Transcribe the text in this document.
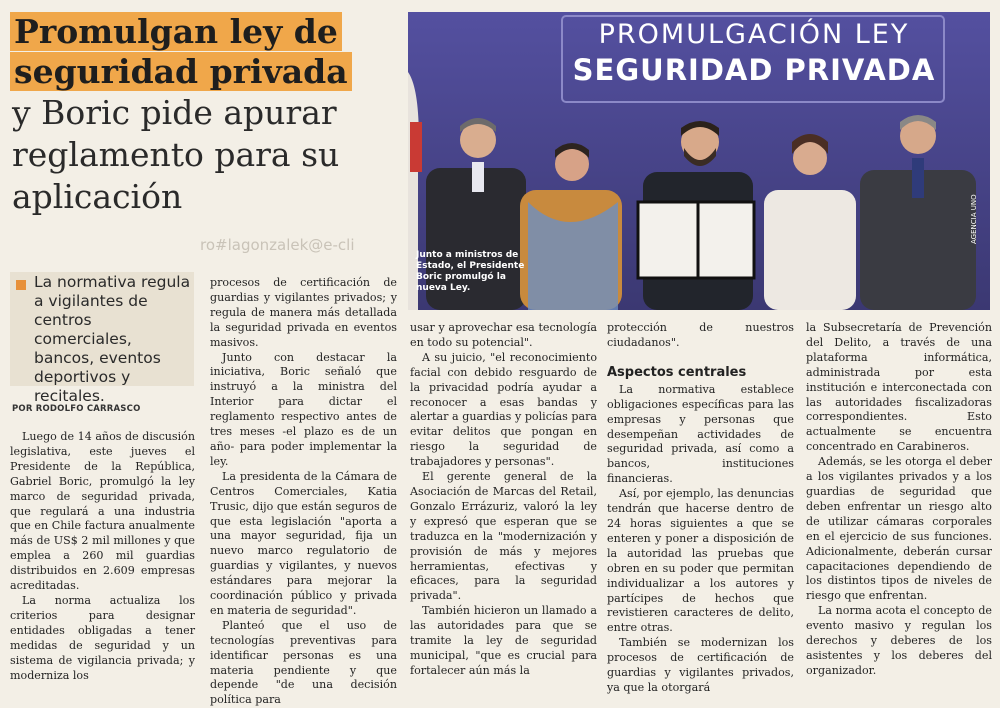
Promulgan ley de
seguridad privada
y Boric pide apurar
reglamento para su
aplicación
ro#lagonzalek@e-cli
PROMULGACIÓN LEY
SEGURIDAD PRIVADA
Junto a ministros de Estado, el Presidente Boric promulgó la nueva Ley.
AGENCIA UNO
La normativa regula a vigilantes de centros comerciales, bancos, eventos deportivos y recitales.
POR RODOLFO CARRASCO

Luego de 14 años de discusión legislativa, este jueves el Presidente de la República, Gabriel Boric, promulgó la ley marco de seguridad privada, que regulará a una industria que en Chile factura anualmente más de US$ 2 mil millones y que emplea a 260 mil guardias distribuidos en 2.609 empresas acreditadas.

La norma actualiza los criterios para designar entidades obligadas a tener medidas de seguridad y un sistema de vigilancia privada; y moderniza los

procesos de certificación de guardias y vigilantes privados; y regula de manera más detallada la seguridad privada en eventos masivos.

Junto con destacar la iniciativa, Boric señaló que instruyó a la ministra del Interior para dictar el reglamento respectivo antes de tres meses -el plazo es de un año- para poder implementar la ley.

La presidenta de la Cámara de Centros Comerciales, Katia Trusic, dijo que están seguros de que esta legislación "aporta a una mayor seguridad, fija un nuevo marco regulatorio de guardias y vigilantes, y nuevos estándares para mejorar la coordinación público y privada en materia de seguridad".

Planteó que el uso de tecnologías preventivas para identificar personas es una materia pendiente y que depende "de una decisión política para

usar y aprovechar esa tecnología en todo su potencial".

A su juicio, "el reconocimiento facial con debido resguardo de la privacidad podría ayudar a reconocer a esas bandas y alertar a guardias y policías para evitar delitos que pongan en riesgo la seguridad de trabajadores y personas".

El gerente general de la Asociación de Marcas del Retail, Gonzalo Errázuriz, valoró la ley y expresó que esperan que se traduzca en la "modernización y provisión de más y mejores herramientas, efectivas y eficaces, para la seguridad privada".

También hicieron un llamado a las autoridades para que se tramite la ley de seguridad municipal, "que es crucial para fortalecer aún más la

protección de nuestros ciudadanos".

Aspectos centrales

La normativa establece obligaciones específicas para las empresas y personas que desempeñan actividades de seguridad privada, así como a bancos, instituciones financieras.

Así, por ejemplo, las denuncias tendrán que hacerse dentro de 24 horas siguientes a que se enteren y poner a disposición de la autoridad las pruebas que obren en su poder que permitan individualizar a los autores y partícipes de hechos que revistieren caracteres de delito, entre otras.

También se modernizan los procesos de certificación de guardias y vigilantes privados, ya que la otorgará

la Subsecretaría de Prevención del Delito, a través de una plataforma informática, administrada por esta institución e interconectada con las autoridades fiscalizadoras correspondientes. Esto actualmente se encuentra concentrado en Carabineros.

Además, se les otorga el deber a los vigilantes privados y a los guardias de seguridad que deben enfrentar un riesgo alto de utilizar cámaras corporales en el ejercicio de sus funciones. Adicionalmente, deberán cursar capacitaciones dependiendo de los distintos tipos de niveles de riesgo que enfrentan.

La norma acota el concepto de evento masivo y regulan los derechos y deberes de los asistentes y los deberes del organizador.
